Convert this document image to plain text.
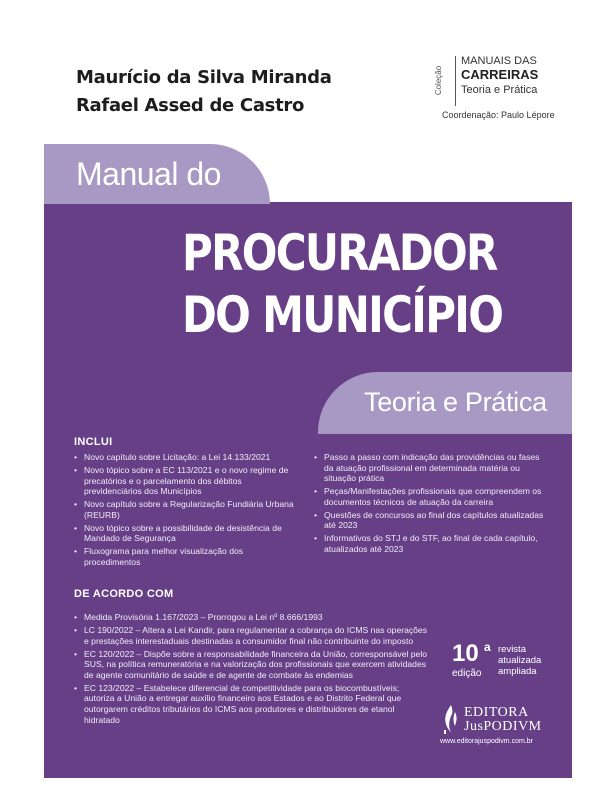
Maurício da Silva Miranda
Rafael Assed de Castro
Coleção
MANUAIS DAS
CARREIRAS
Teoria e Prática
Coordenação: Paulo Lépore
Manual do
PROCURADOR
DO MUNICÍPIO
Teoria e Prática
INCLUI
• Novo capítulo sobre Licitação: a Lei 14.133/2021
• Novo tópico sobre a EC 113/2021 e o novo regime de precatórios e o parcelamento dos débitos previdenciários dos Municípios
• Novo capítulo sobre a Regularização Fundiária Urbana (REURB)
• Novo tópico sobre a possibilidade de desistência de Mandado de Segurança
• Fluxograma para melhor visualização dos procedimentos
• Passo a passo com indicação das providências ou fases da atuação profissional em determinada matéria ou situação prática
• Peças/Manifestações profissionais que compreendem os documentos técnicos de atuação da carreira
• Questões de concursos ao final dos capítulos atualizadas até 2023
• Informativos do STJ e do STF, ao final de cada capítulo, atualizados até 2023
DE ACORDO COM
• Medida Provisória 1.167/2023 – Prorrogou a Lei nº 8.666/1993
• LC 190/2022 – Altera a Lei Kandir, para regulamentar a cobrança do ICMS nas operações e prestações interestaduais destinadas a consumidor final não contribuinte do imposto
• EC 120/2022 – Dispõe sobre a responsabilidade financeira da União, corresponsável pelo SUS, na política remuneratória e na valorização dos profissionais que exercem atividades de agente comunitário de saúde e de agente de combate às endemias
• EC 123/2022 – Estabelece diferencial de competitividade para os biocombustíveis; autoriza a União a entregar auxílio financeiro aos Estados e ao Distrito Federal que outorgarem créditos tributários do ICMS aos produtores e distribuidores de etanol hidratado
10 a
edição
revista
atualizada
ampliada
EDITORA
JusPODIVM
www.editorajuspodivm.com.br
